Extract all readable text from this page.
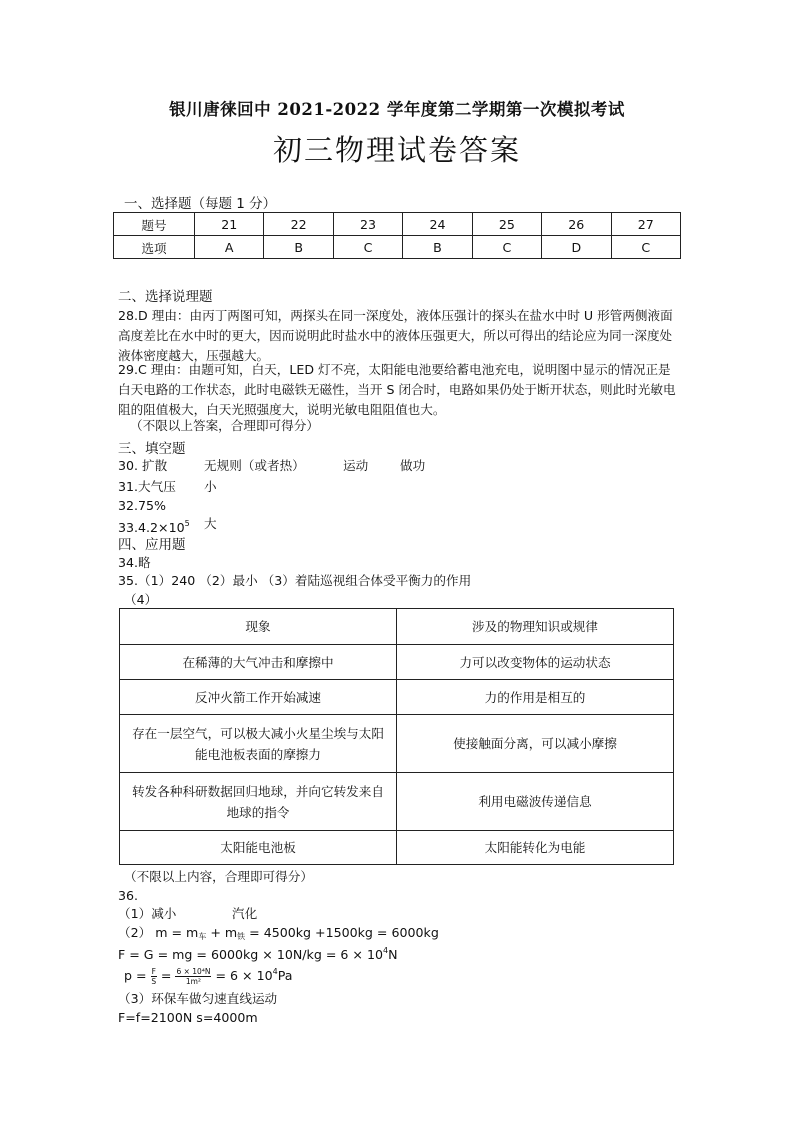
银川唐徕回中 2021-2022 学年度第二学期第一次模拟考试
初三物理试卷答案
一、选择题（每题 1 分）
题号	21	22	23	24	25	26	27
选项	A	B	C	B	C	D	C
二、选择说理题
28.D 理由：由丙丁两图可知，两探头在同一深度处，液体压强计的探头在盐水中时 U 形管两侧液面高度差比在水中时的更大，因而说明此时盐水中的液体压强更大，所以可得出的结论应为同一深度处液体密度越大，压强越大。
29.C 理由：由题可知，白天，LED 灯不亮，太阳能电池要给蓄电池充电，说明图中显示的情况正是白天电路的工作状态，此时电磁铁无磁性，当开 S 闭合时，电路如果仍处于断开状态，则此时光敏电阻的阻值极大，白天光照强度大，说明光敏电阻阻值也大。
（不限以上答案，合理即可得分）
三、填空题
30. 扩散	无规则（或者热）	运动	做功
31.大气压 小
32.75%
$33.4.2\times 10^5$ 大
四、应用题
34.略
35.（1）240 （2）最小 （3）着陆巡视组合体受平衡力的作用
（4）
现象	涉及的物理知识或规律
在稀薄的大气冲击和摩擦中	力可以改变物体的运动状态
反冲火箭工作开始减速	力的作用是相互的
存在一层空气，可以极大减小火星尘埃与太阳能电池板表面的摩擦力	使接触面分离，可以减小摩擦
转发各种科研数据回归地球，并向它转发来自地球的指令	利用电磁波传递信息
太阳能电池板	太阳能转化为电能
（不限以上内容，合理即可得分）
36.
（1）减小	汽化
（2） $m = m_车 + m_铁 = 4500kg +1500kg = 6000kg$
F = G = mg = $6000kg \times 10N/kg = 6 \times 10^4N$
$p = \frac{F}{S} = \frac{\text{6 × 10⁴N}}{\text{1m²}} = 6 \times 10^4Pa$
（3）环保车做匀速直线运动
F=f=2100N s=4000m
